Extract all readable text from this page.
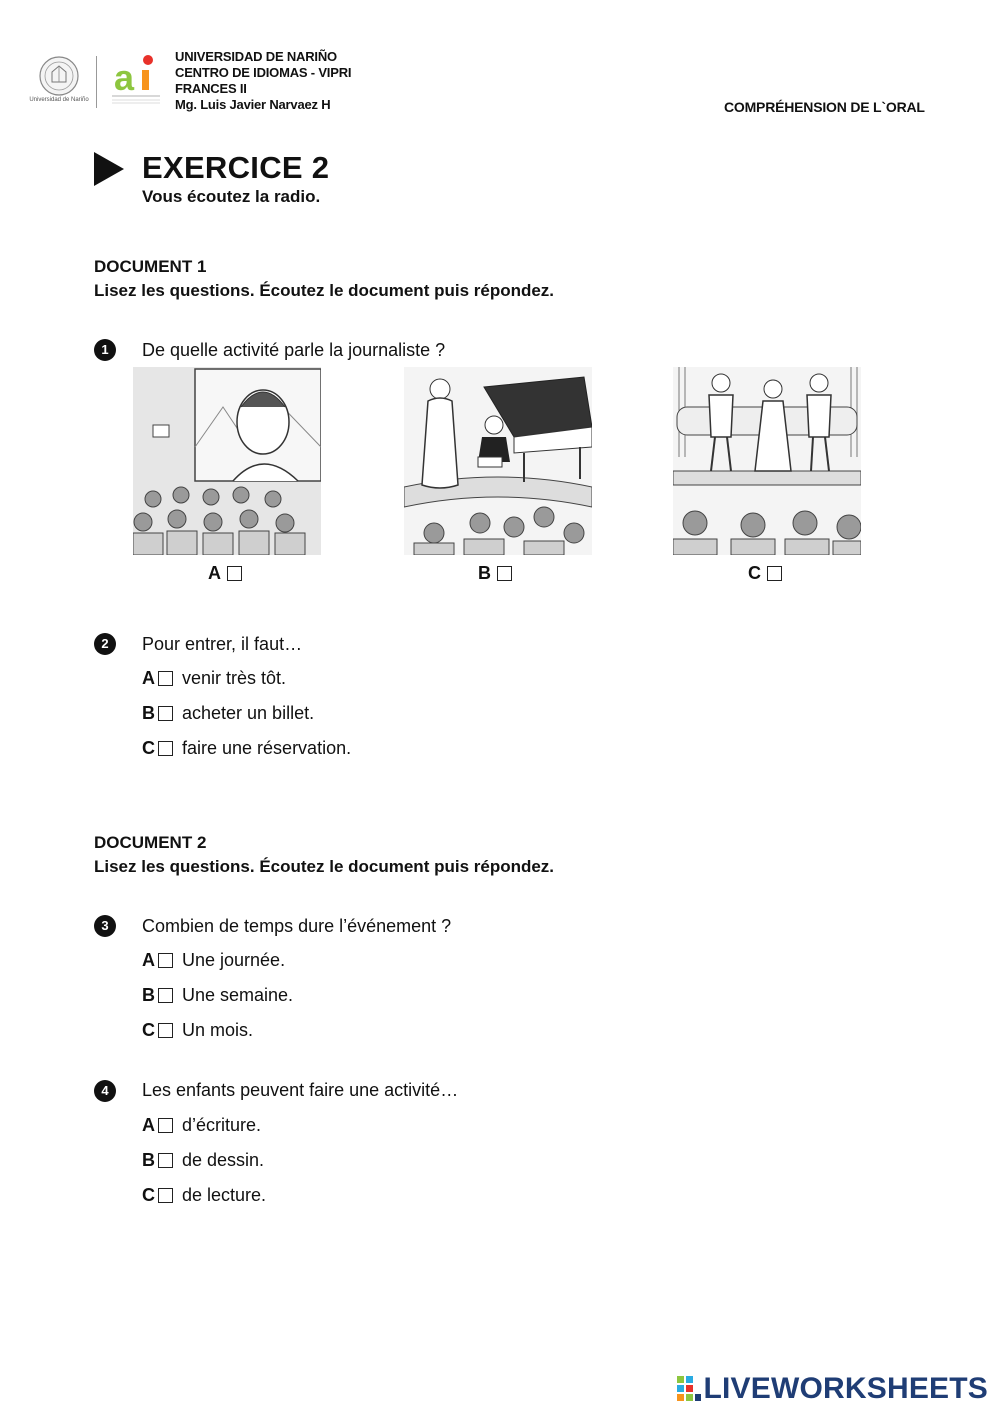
Universidad de Nariño
a
UNIVERSIDAD DE NARIÑO
CENTRO DE IDIOMAS - VIPRI
FRANCES II
Mg. Luis Javier Narvaez H	COMPRÉHENSION DE L`ORAL
EXERCICE 2
Vous écoutez la radio.
DOCUMENT 1
Lisez les questions. Écoutez le document puis répondez.
1	De quelle activité parle la journaliste ?
A	B	C
2	Pour entrer, il faut…
A venir très tôt.
B acheter un billet.
C faire une réservation.
DOCUMENT 2
Lisez les questions. Écoutez le document puis répondez.
3	Combien de temps dure l’événement ?
A Une journée.
B Une semaine.
C Un mois.
4	Les enfants peuvent faire une activité…
A d’écriture.
B de dessin.
C de lecture.
LIVEWORKSHEETS
